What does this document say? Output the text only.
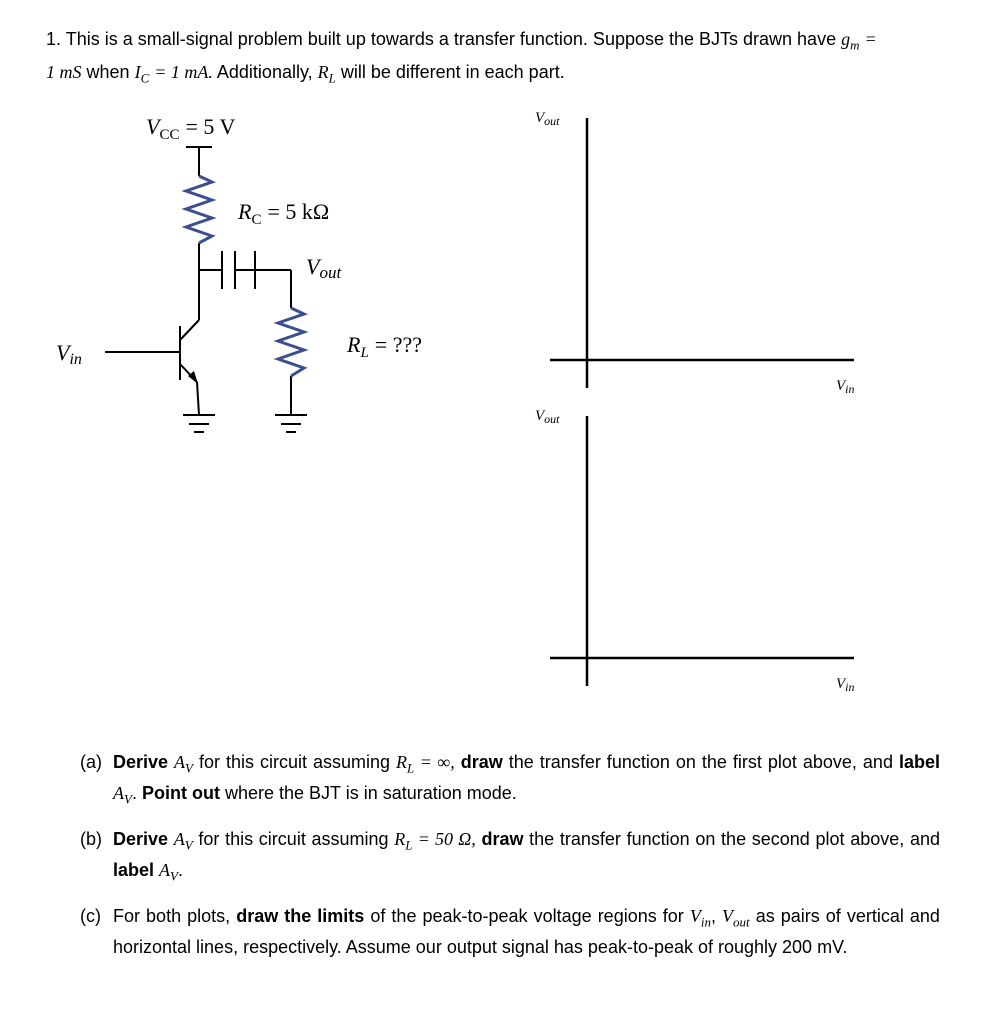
1. This is a small-signal problem built up towards a transfer function. Suppose the BJTs drawn have $g_m$ =
1 mS when $I_C = 1$ mA. Additionally, $R_L$ will be different in each part.
$V_{CC} = 5$ V
$R_C = 5$ kΩ
Vout
$R_L$ = ???
Vin
$V_{out}$
$V_{in}$
$V_{out}$
$V_{in}$

(a) Derive $A_V$ for this circuit assuming $R_L$ = ∞, draw the transfer function on the first plot above, and label $A_V$. Point out where the BJT is in saturation mode.

(b) Derive $A_V$ for this circuit assuming $R_L = 50$ Ω, draw the transfer function on the second plot above, and label $A_V$.

(c) For both plots, draw the limits of the peak-to-peak voltage regions for $V_{in}$, $V_{out}$ as pairs of vertical and horizontal lines, respectively. Assume our output signal has peak-to-peak of roughly 200 mV.
